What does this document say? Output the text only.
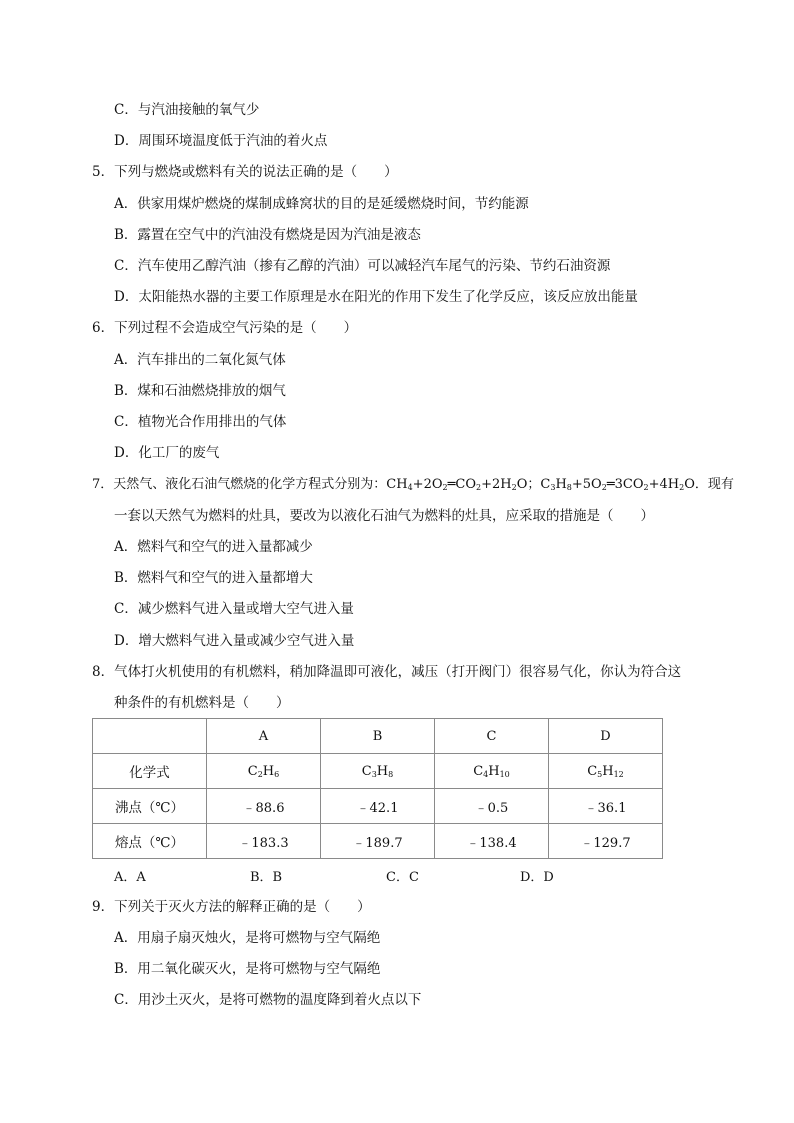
C．与汽油接触的氧气少
D．周围环境温度低于汽油的着火点
5．下列与燃烧或燃料有关的说法正确的是（　　）
A．供家用煤炉燃烧的煤制成蜂窝状的目的是延缓燃烧时间，节约能源
B．露置在空气中的汽油没有燃烧是因为汽油是液态
C．汽车使用乙醇汽油（掺有乙醇的汽油）可以减轻汽车尾气的污染、节约石油资源
D．太阳能热水器的主要工作原理是水在阳光的作用下发生了化学反应，该反应放出能量
6．下列过程不会造成空气污染的是（　　）
A．汽车排出的二氧化氮气体
B．煤和石油燃烧排放的烟气
C．植物光合作用排出的气体
D．化工厂的废气
7．天然气、液化石油气燃烧的化学方程式分别为：$CH_4+2O_2═CO_2+2H_2O$；$C_3H_8+5O_2═3CO_2+4H_2O$．现有
一套以天然气为燃料的灶具，要改为以液化石油气为燃料的灶具，应采取的措施是（　　）
A．燃料气和空气的进入量都减少
B．燃料气和空气的进入量都增大
C．减少燃料气进入量或增大空气进入量
D．增大燃料气进入量或减少空气进入量
8．气体打火机使用的有机燃料，稍加降温即可液化，减压（打开阀门）很容易气化，你认为符合这
种条件的有机燃料是（　　）
	A	B	C	D
化学式	$C_2H_6$	$C_3H_8$	$C_4H_{10}$	$C_5H_{12}$
沸点（℃）	﹣88.6	﹣42.1	﹣0.5	﹣36.1
熔点（℃）	﹣183.3	﹣189.7	﹣138.4	﹣129.7
A．A	B．B	C．C	D．D
9．下列关于灭火方法的解释正确的是（　　）
A．用扇子扇灭烛火，是将可燃物与空气隔绝
B．用二氧化碳灭火，是将可燃物与空气隔绝
C．用沙土灭火，是将可燃物的温度降到着火点以下
